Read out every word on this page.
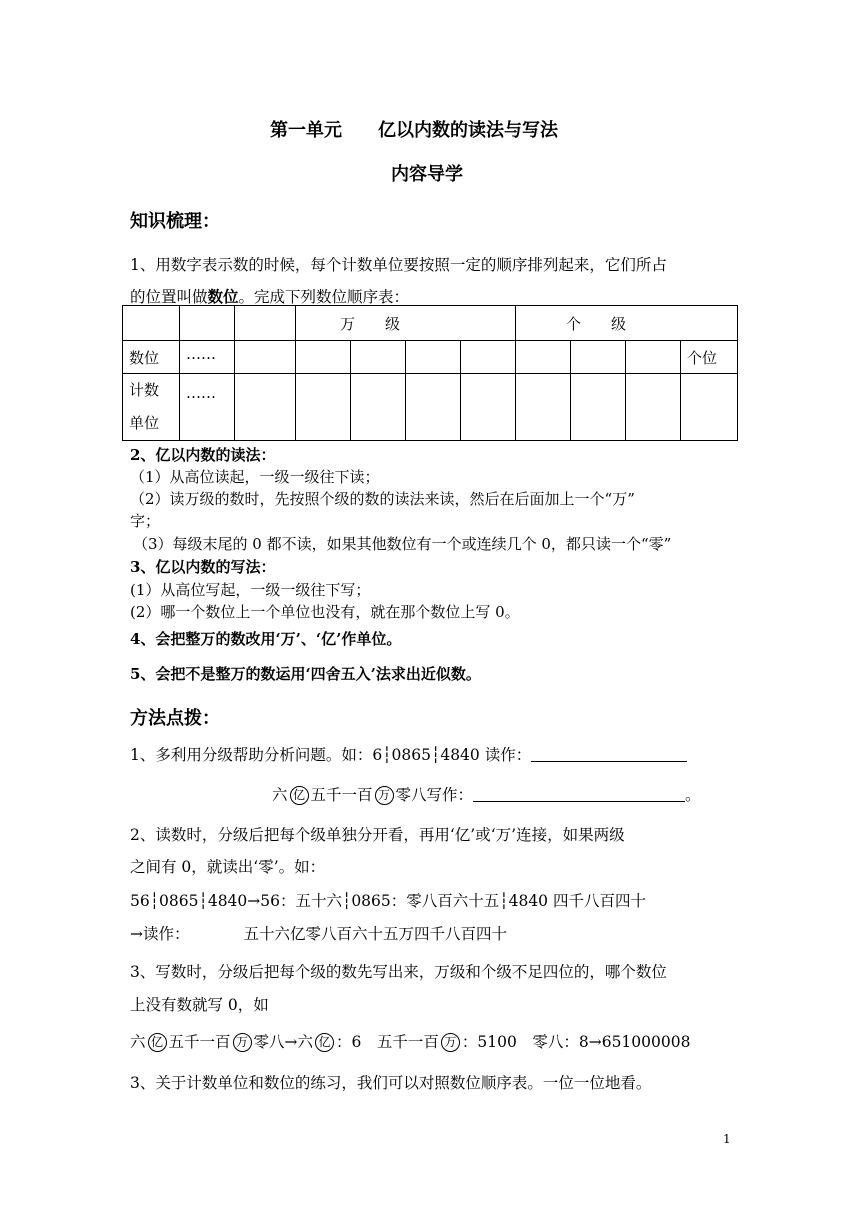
第一单元　　亿以内数的读法与写法
内容导学
知识梳理：
1、用数字表示数的时候，每个计数单位要按照一定的顺序排列起来，它们所占
的位置叫做数位。完成下列数位顺序表：
			万　　级				个　　级			
数位	……									个位
计数
单位	……									
2、亿以内数的读法：
（1）从高位读起，一级一级往下读；
（2）读万级的数时，先按照个级的数的读法来读，然后在后面加上一个“万”
字；
（3）每级末尾的 0 都不读，如果其他数位有一个或连续几个 0，都只读一个“零”
3、亿以内数的写法：
(1）从高位写起，一级一级往下写；
(2）哪一个数位上一个单位也没有，就在那个数位上写 0。
4、会把整万的数改用‘万’、‘亿’作单位。
5、会把不是整万的数运用‘四舍五入’法求出近似数。
方法点拨：
1、多利用分级帮助分析问题。如：6┆0865┆4840 读作：
六 亿 五千一百 万 零八写作：	。
2、读数时，分级后把每个级单独分开看，再用‘亿’或‘万’连接，如果两级
之间有 0，就读出‘零’。如：
56┆0865┆4840→56：五十六┆0865：零八百六十五┆4840 四千八百四十
→读作：	五十六亿零八百六十五万四千八百四十
3、写数时，分级后把每个级的数先写出来，万级和个级不足四位的，哪个数位
上没有数就写 0，如
六 亿 五千一百 万 零八→六 亿 ：6　五千一百 万 ：5100　零八：8→651000008
3、关于计数单位和数位的练习，我们可以对照数位顺序表。一位一位地看。
1
